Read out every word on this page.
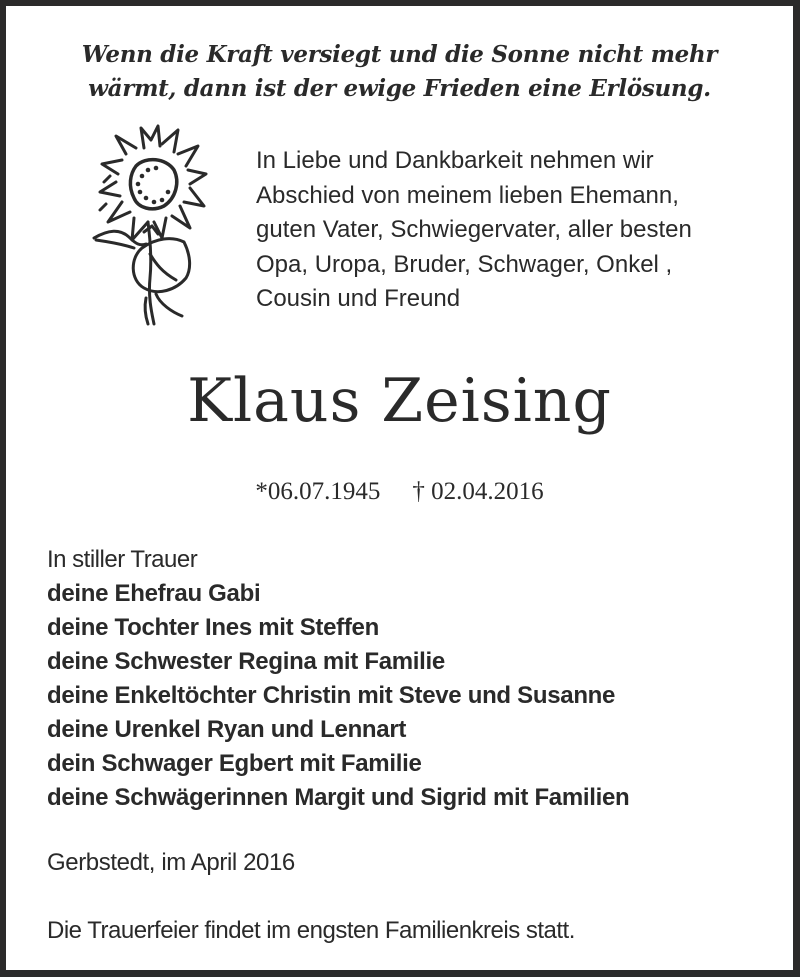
Wenn die Kraft versiegt und die Sonne nicht mehr
wärmt, dann ist der ewige Frieden eine Erlösung.
In Liebe und Dankbarkeit nehmen wir
Abschied von meinem lieben Ehemann,
guten Vater, Schwiegervater, aller besten
Opa, Uropa, Bruder, Schwager, Onkel ,
Cousin und Freund
Klaus Zeising
*06.07.1945 † 02.04.2016
In stiller Trauer
deine Ehefrau Gabi
deine Tochter Ines mit Steffen
deine Schwester Regina mit Familie
deine Enkeltöchter Christin mit Steve und Susanne
deine Urenkel Ryan und Lennart
dein Schwager Egbert mit Familie
deine Schwägerinnen Margit und Sigrid mit Familien
Gerbstedt, im April 2016
Die Trauerfeier findet im engsten Familienkreis statt.
